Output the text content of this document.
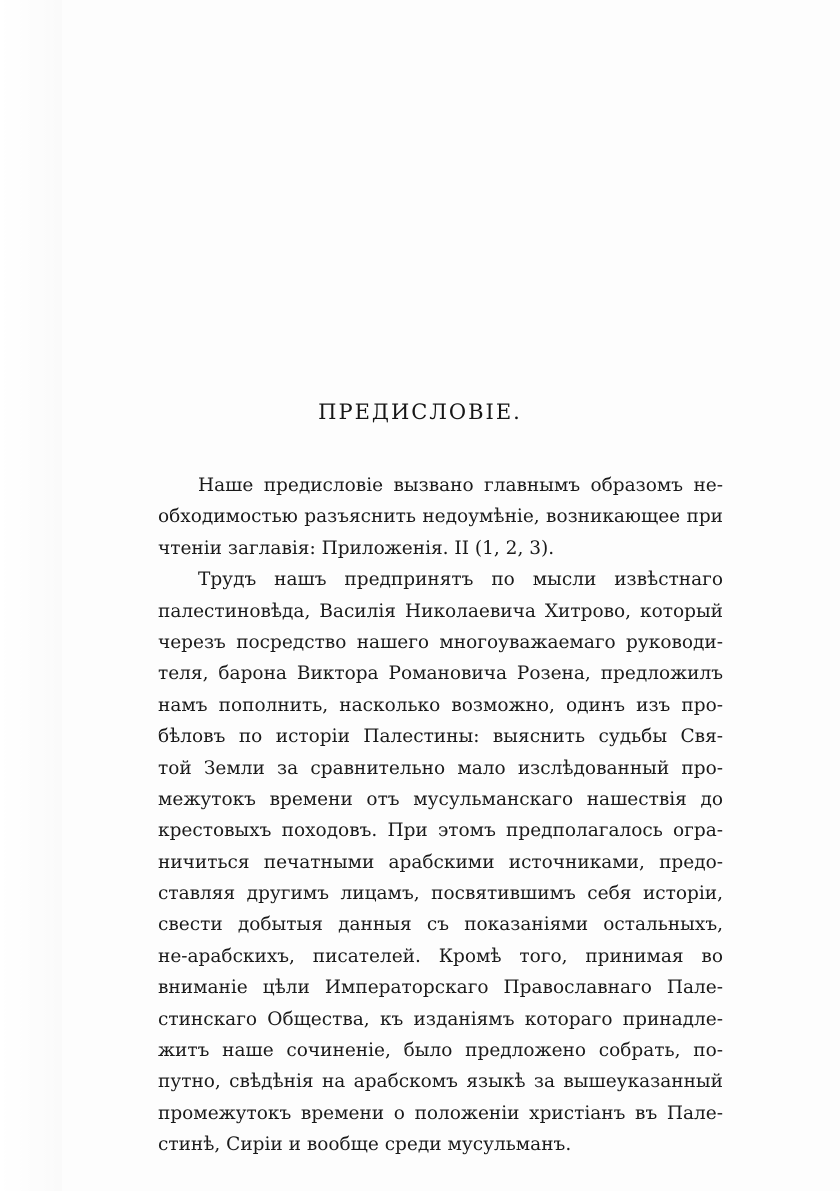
ПРЕДИСЛОВІЕ.
Наше предисловіе вызвано главнымъ образомъ не-
обходимостью разъяснить недоумѣніе, возникающее при
чтеніи заглавія: Приложенія. II (1, 2, 3).
Трудъ нашъ предпринятъ по мысли извѣстнаго
палестиновѣда, Василія Николаевича Хитрово, который
черезъ посредство нашего многоуважаемаго руководи-
теля, барона Виктора Романовича Розена, предложилъ
намъ пополнить, насколько возможно, одинъ изъ про-
бѣловъ по исторіи Палестины: выяснить судьбы Свя-
той Земли за сравнительно мало изслѣдованный про-
межутокъ времени отъ мусульманскаго нашествія до
крестовыхъ походовъ. При этомъ предполагалось огра-
ничиться печатными арабскими источниками, предо-
ставляя другимъ лицамъ, посвятившимъ себя исторіи,
свести добытыя данныя съ показаніями остальныхъ,
не-арабскихъ, писателей. Кромѣ того, принимая во
вниманіе цѣли Императорскаго Православнаго Пале-
стинскаго Общества, къ изданіямъ котораго принадле-
житъ наше сочиненіе, было предложено собрать, по-
путно, свѣдѣнія на арабскомъ языкѣ за вышеуказанный
промежутокъ времени о положеніи христіанъ въ Пале-
стинѣ, Сиріи и вообще среди мусульманъ.
